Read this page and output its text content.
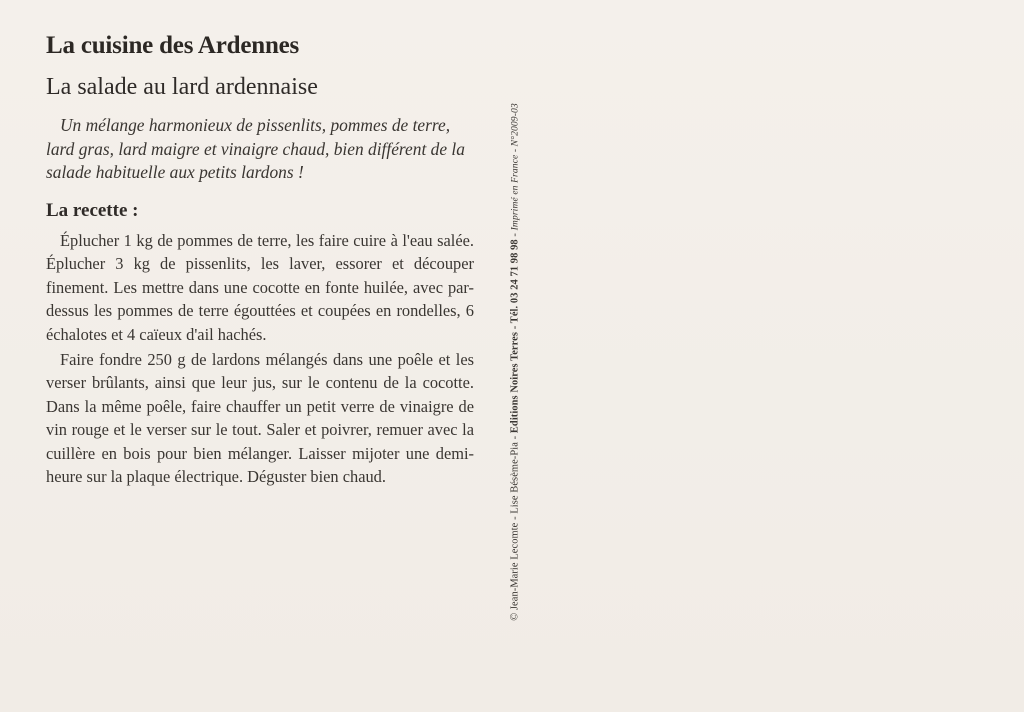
La cuisine des Ardennes
La salade au lard ardennaise

Un mélange harmonieux de pissenlits, pommes de terre, lard gras, lard maigre et vinaigre chaud, bien différent de la salade habituelle aux petits lardons !

La recette :

Éplucher 1 kg de pommes de terre, les faire cuire à l'eau salée. Éplucher 3 kg de pissenlits, les laver, essorer et découper finement. Les mettre dans une cocotte en fonte huilée, avec par-dessus les pommes de terre égouttées et coupées en rondelles, 6 échalotes et 4 caïeux d'ail hachés.

Faire fondre 250 g de lardons mélangés dans une poêle et les verser brûlants, ainsi que leur jus, sur le contenu de la cocotte. Dans la même poêle, faire chauffer un petit verre de vinaigre de vin rouge et le verser sur le tout. Saler et poivrer, remuer avec la cuillère en bois pour bien mélanger. Laisser mijoter une demi-heure sur la plaque électrique. Déguster bien chaud.	© Jean-Marie Lecomte - Lise Bésème-Pia - Editions Noires Terres - Tél. 03 24 71 98 98 - Imprimé en France - N°2009-03
